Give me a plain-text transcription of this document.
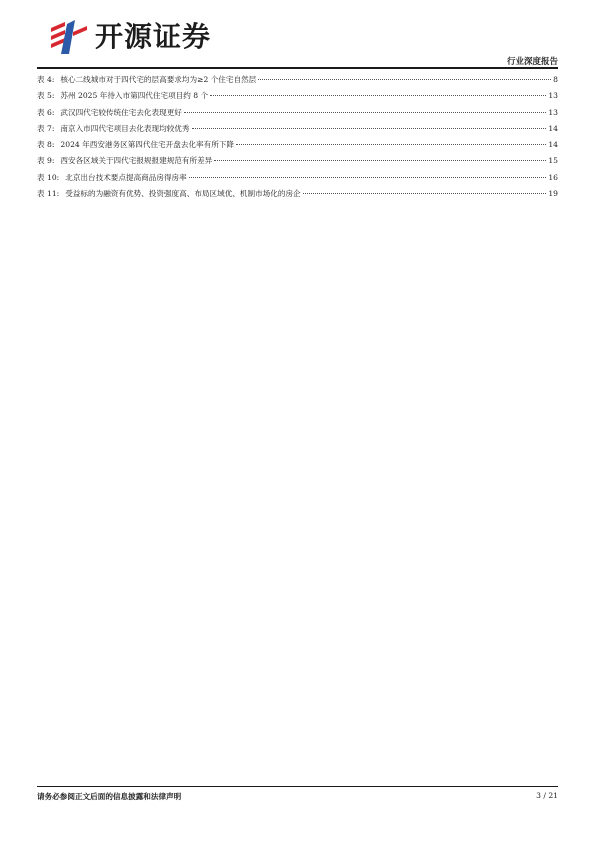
开源证券
行业深度报告
表 4: 核心二线城市对于四代宅的层高要求均为≥2 个住宅自然层	8
表 5: 苏州 2025 年待入市第四代住宅项目约 8 个	13
表 6: 武汉四代宅较传统住宅去化表现更好	13
表 7: 南京入市四代宅项目去化表现均较优秀	14
表 8: 2024 年西安港务区第四代住宅开盘去化率有所下降	14
表 9: 西安各区域关于四代宅报规报建规范有所差异	15
表 10: 北京出台技术要点提高商品房得房率	16
表 11: 受益标的为融资有优势、投资强度高、布局区域优、机制市场化的房企	19
请务必参阅正文后面的信息披露和法律声明	3 / 21
